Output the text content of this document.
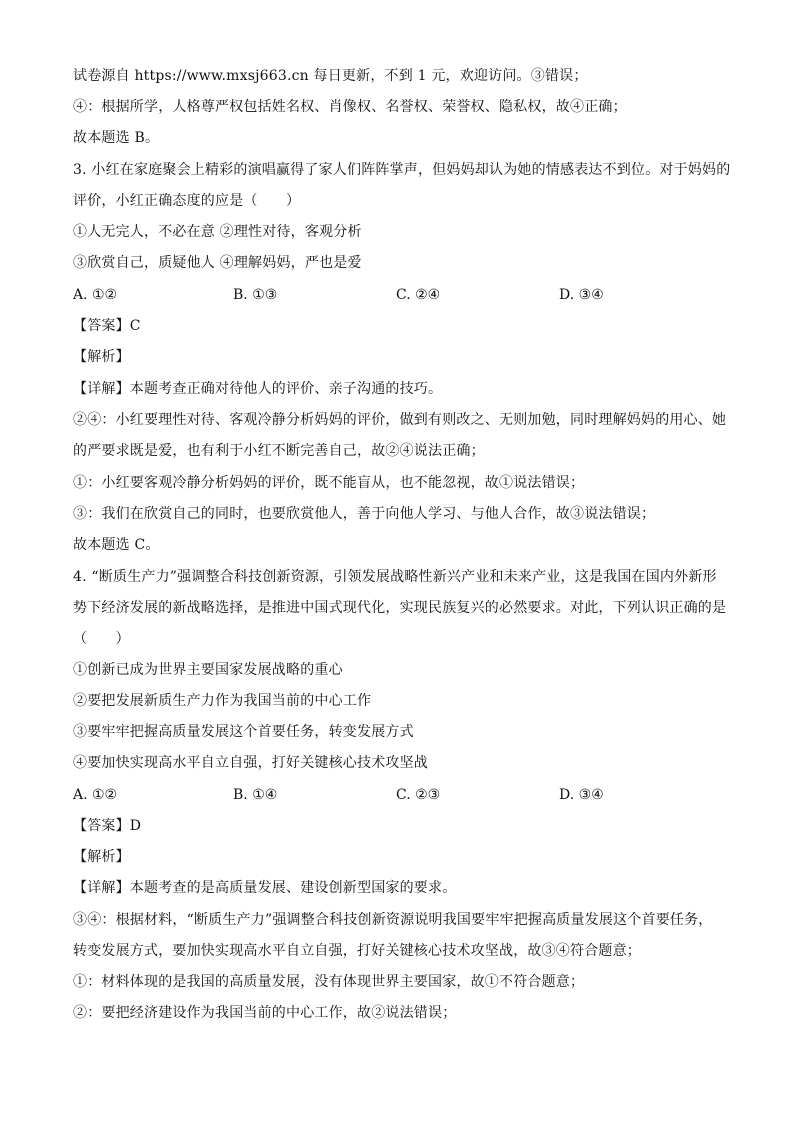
试卷源自 https://www.mxsj663.cn 每日更新，不到 1 元，欢迎访问。③错误；
④：根据所学，人格尊严权包括姓名权、肖像权、名誉权、荣誉权、隐私权，故④正确；
故本题选 B。
3. 小红在家庭聚会上精彩的演唱赢得了家人们阵阵掌声，但妈妈却认为她的情感表达不到位。对于妈妈的
评价，小红正确态度的应是（　　）
①人无完人，不必在意 ②理性对待，客观分析
③欣赏自己，质疑他人 ④理解妈妈，严也是爱
A. ①②	B. ①③	C. ②④	D. ③④
【答案】C
【解析】
【详解】本题考查正确对待他人的评价、亲子沟通的技巧。
②④：小红要理性对待、客观冷静分析妈妈的评价，做到有则改之、无则加勉，同时理解妈妈的用心、她
的严要求既是爱，也有利于小红不断完善自己，故②④说法正确；
①：小红要客观冷静分析妈妈的评价，既不能盲从，也不能忽视，故①说法错误；
③：我们在欣赏自己的同时，也要欣赏他人，善于向他人学习、与他人合作，故③说法错误；
故本题选 C。
4. “断质生产力”强调整合科技创新资源，引领发展战略性新兴产业和未来产业，这是我国在国内外新形
势下经济发展的新战略选择，是推进中国式现代化，实现民族复兴的必然要求。对此，下列认识正确的是
（　　）
①创新已成为世界主要国家发展战略的重心
②要把发展新质生产力作为我国当前的中心工作
③要牢牢把握高质量发展这个首要任务，转变发展方式
④要加快实现高水平自立自强，打好关键核心技术攻坚战
A. ①②	B. ①④	C. ②③	D. ③④
【答案】D
【解析】
【详解】本题考查的是高质量发展、建设创新型国家的要求。
③④：根据材料，“断质生产力”强调整合科技创新资源说明我国要牢牢把握高质量发展这个首要任务，
转变发展方式，要加快实现高水平自立自强，打好关键核心技术攻坚战，故③④符合题意；
①：材料体现的是我国的高质量发展，没有体现世界主要国家，故①不符合题意；
②：要把经济建设作为我国当前的中心工作，故②说法错误；
